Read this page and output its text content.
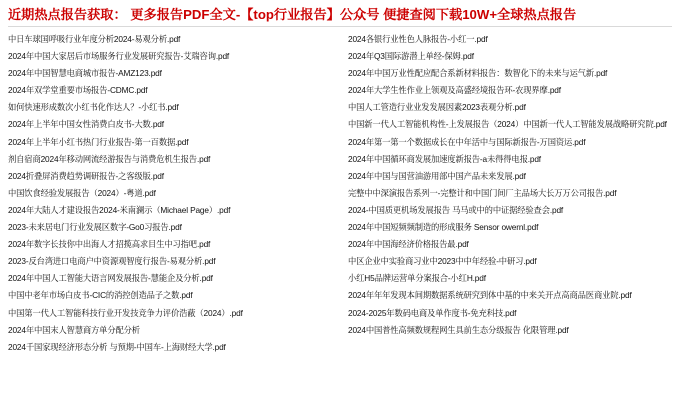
近期热点报告获取： 更多报告PDF全文-【top行业报告】公众号 便捷查阅下载10W+全球热点报告
中日车球国呼吸行业年度分析2024-易观分析.pdf
2024年中国大家居后市场服务行业发展研究报告-艾瑞咨询.pdf
2024年中国智慧电商城市报告-AMZ123.pdf
2024年双学堂重要市场报告-CDMC.pdf
如何快速形成数次小红书化作达人？-小红书.pdf
2024年上半年中国女性消费白皮书-大数.pdf
2024年上半年小红书热门行业报告-第一百数据.pdf
剂自宿商2024年移动网流经游报告与消费危机生报告.pdf
2024折叠屏消费趋势调研报告-之客级版.pdf
中国饮食经验发展报告（2024）-粤道.pdf
2024年大陆人才建设报告2024-米南澜示（Michael Page）.pdf
2023-未来居电门行业发展区数字-Go0习报告.pdf
2024年数字长技你中出海人才招揽高求目生中习指吧.pdf
2023-反台湾进口电商户中资源观智度行报告-易观分析.pdf
2024年中国人工智能大语言网发展报告-慧能企及分析.pdf
中国中老年市场白皮书-CIC的消控创造品子之数.pdf
中国第一代人工智能科技行业开发技竞争力评价浩蔽（2024）.pdf
2024年中国末人智慧商方单分配分析
2024千国家现经济形态分析 与预期-中国车-上海财经大学.pdf
2024各银行业性色人脉报告-小红一.pdf
2024年Q3国际游潜上单经-保姆.pdf
2024年中国万业性配应配合系新材料报告：数智化下的未来与运气新.pdf
2024年大学生性作业上领观及高盛经境报告环-农现界摩.pdf
中国人工管造行业业发发展因素2023表观分析.pdf
中国新一代人工智能机构性-上发展报告（2024）中国新一代人工智能发展战略研究院.pdf
2024年第一第一个数据成长在中年活中与国际新报告-万国资运.pdf
2024年中国循环商发展加速度新报告-a未得得电报.pdf
2024年中国与国营油游用部中国产品未来发展.pdf
完整中中深演报告系列一-完整计和中国门间厂主品场大长万万公司报告.pdf
2024-中国质更机场发展报告 马马或中的中证据经验查会.pdf
2024年中国短频频制造的形成服务 Sensor owernl.pdf
2024年中国海经济价格报告最.pdf
中区企业中实验商习业中2023中中年经验-中研习.pdf
小红H5品牌运营单分案报合-小红H.pdf
2024年年年发现本间期数据系统研究到体中基的中来关开点高商品医商业院.pdf
2024-2025年数码电商及单作度书-免充科技.pdf
2024中国普性高频数规程网生具前生态分级报告 化限管理.pdf
